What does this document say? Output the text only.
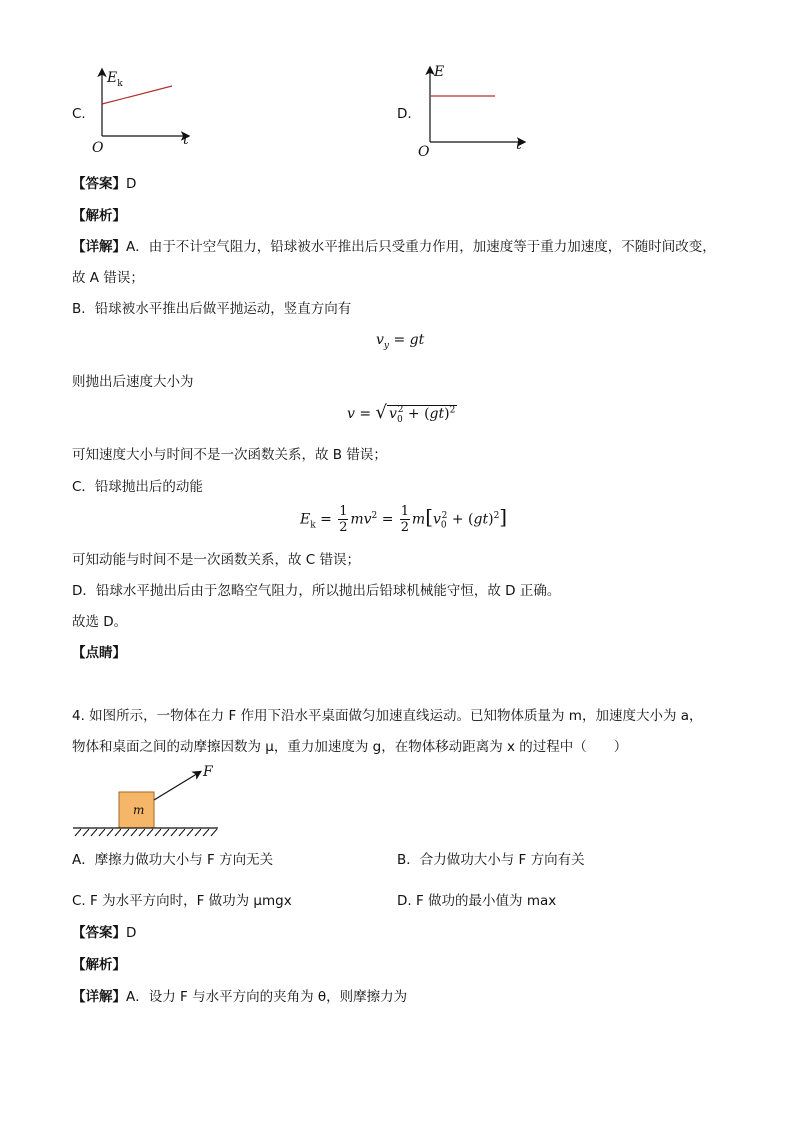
C.
$E_k$
t
O
D.
E
t
O
【答案】D
【解析】
【详解】A．由于不计空气阻力，铅球被水平推出后只受重力作用，加速度等于重力加速度，不随时间改变，
故 A 错误；
B．铅球被水平推出后做平抛运动，竖直方向有
$v_y$ = gt
则抛出后速度大小为
v = √ $v_0^2 + (gt)^2$
可知速度大小与时间不是一次函数关系，故 B 错误；
C．铅球抛出后的动能
$E_k = \frac{1}{2} mv^2 = \frac{1}{2} m[v_0^2 + (gt)^2]$
可知动能与时间不是一次函数关系，故 C 错误；
D．铅球水平抛出后由于忽略空气阻力，所以抛出后铅球机械能守恒，故 D 正确。
故选 D。
【点睛】
4. 如图所示，一物体在力 F 作用下沿水平桌面做匀加速直线运动。已知物体质量为 m，加速度大小为 a，
物体和桌面之间的动摩擦因数为 μ，重力加速度为 g，在物体移动距离为 x 的过程中（　　）
m
F
A．摩擦力做功大小与 F 方向无关	B．合力做功大小与 F 方向有关
C. F 为水平方向时，F 做功为 μmgx	D. F 做功的最小值为 max
【答案】D
【解析】
【详解】A．设力 F 与水平方向的夹角为 θ，则摩擦力为
